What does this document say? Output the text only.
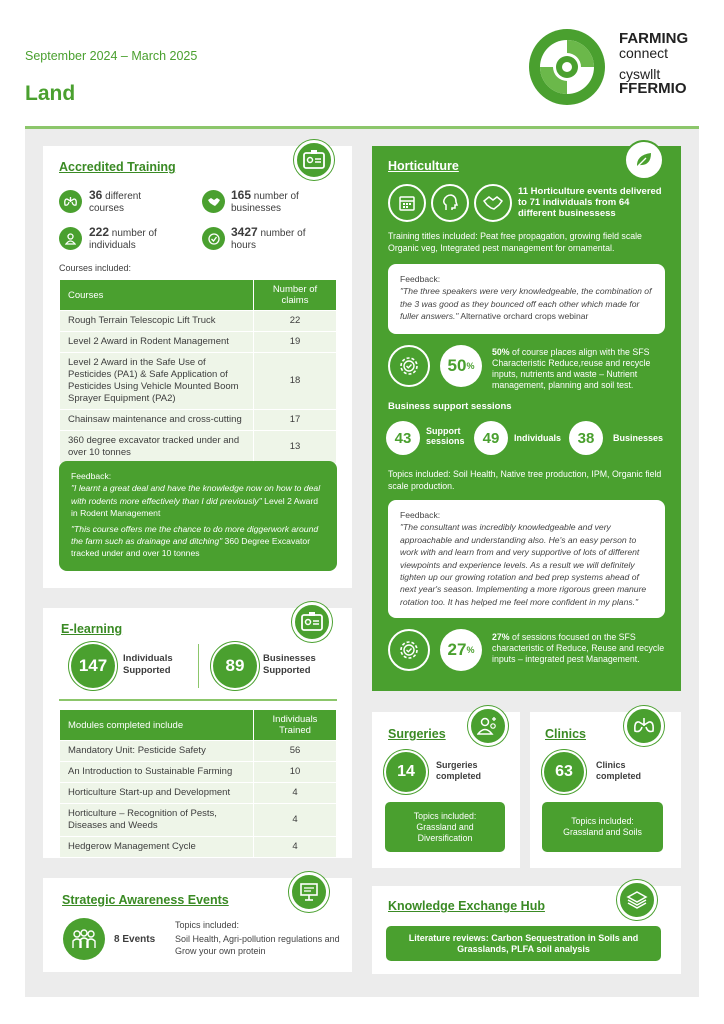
September 2024 – March 2025
Land
FARMING
connect
cyswllt
FFERMIO
Accredited Training
36 different
courses
165 number of
businesses
222 number of
individuals
3427 number of
hours
Courses included:
Courses	Number of claims
Rough Terrain Telescopic Lift Truck	22
Level 2 Award in Rodent Management	19
Level 2 Award in the Safe Use of Pesticides (PA1) & Safe Application of Pesticides Using Vehicle Mounted Boom Sprayer Equipment (PA2)	18
Chainsaw maintenance and cross-cutting	17
360 degree excavator tracked under and over 10 tonnes	13
Feedback:
"I learnt a great deal and have the knowledge now on how to deal with rodents more effectively than I did previously" Level 2 Award in Rodent Management
"This course offers me the chance to do more diggerwork around the farm such as drainage and ditching" 360 Degree Excavator tracked under and over 10 tonnes
E-learning
147	Individuals
Supported	89	Businesses
Supported
Modules completed include	Individuals Trained
Mandatory Unit: Pesticide Safety	56
An Introduction to Sustainable Farming	10
Horticulture Start-up and Development	4
Horticulture – Recognition of Pests, Diseases and Weeds	4
Hedgerow Management Cycle	4
Strategic Awareness Events
8 Events
Topics included:
Soil Health, Agri-pollution regulations and Grow your own protein
Horticulture
11 Horticulture events delivered to 71 individuals from 64 different businessess
Training titles included: Peat free propagation, growing field scale Organic veg, Integrated pest management for ornamental.
Feedback:
"The three speakers were very knowledgeable, the combination of the 3 was good as they bounced off each other which made for fuller answers." Alternative orchard crops webinar
50 %
50% of course places align with the SFS Characteristic Reduce,reuse and recycle inputs, nutrients and waste – Nutrient management, planning and soil test.
Business support sessions
43	Support sessions	49	Individuals	38	Businesses
Topics included: Soil Health, Native tree production, IPM, Organic field scale production.
Feedback:
"The consultant was incredibly knowledgeable and very approachable and understanding also. He's an easy person to work with and learn from and very supportive of lots of different viewpoints and experience levels. As a result we will definitely tighten up our growing rotation and bed prep systems ahead of next year's season. Implementing a more rigorous green manure rotation too. It has helped me feel more confident in my plans."
27 %
27% of sessions focused on the SFS characteristic of Reduce, Reuse and recycle inputs – integrated pest Management.
Surgeries
14	Surgeries
completed
Topics included: Grassland and Diversification
Clinics
63	Clinics
completed
Topics included: Grassland and Soils
Knowledge Exchange Hub
Literature reviews: Carbon Sequestration in Soils and Grasslands, PLFA soil analysis
